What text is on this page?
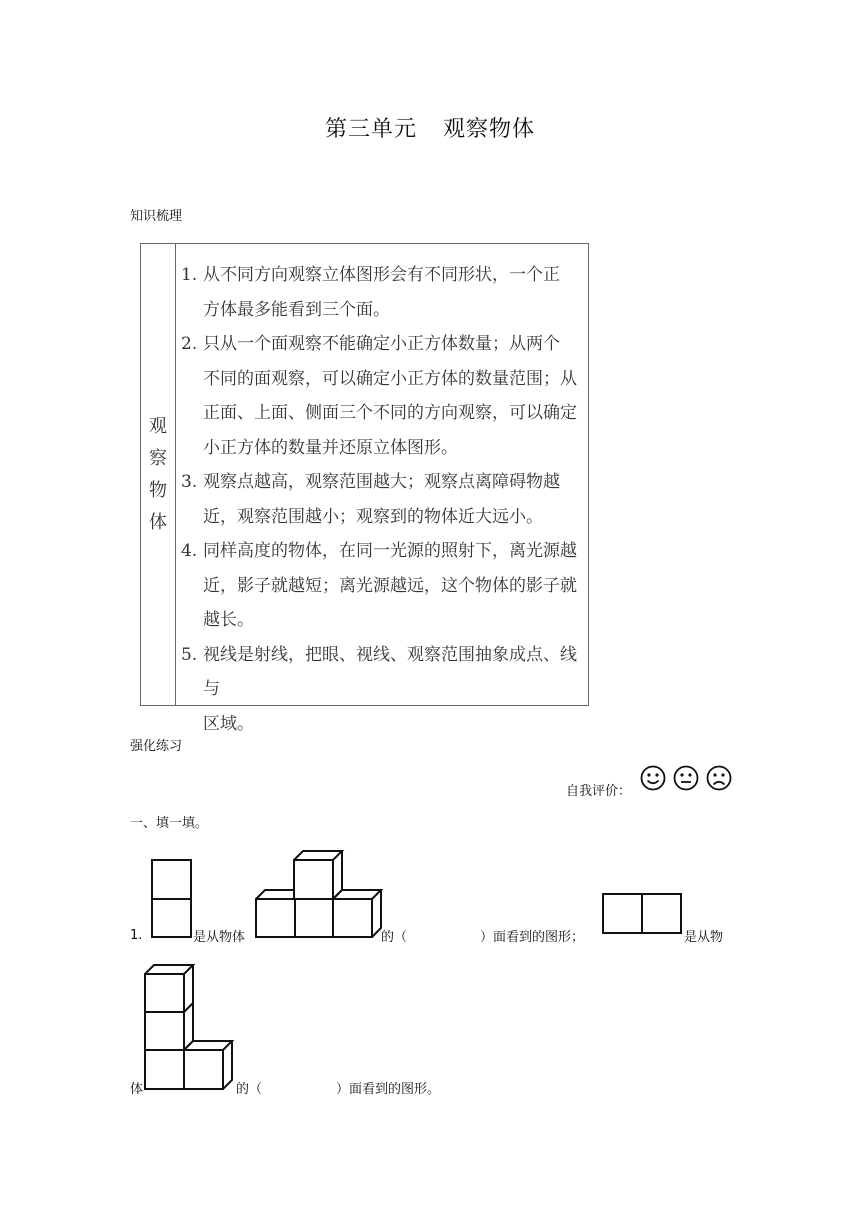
第三单元 观察物体
知识梳理
观
察
物
体
1. 从不同方向观察立体图形会有不同形状，一个正
方体最多能看到三个面。
2. 只从一个面观察不能确定小正方体数量；从两个
不同的面观察，可以确定小正方体的数量范围；从
正面、上面、侧面三个不同的方向观察，可以确定
小正方体的数量并还原立体图形。
3. 观察点越高，观察范围越大；观察点离障碍物越
近，观察范围越小；观察到的物体近大远小。
4. 同样高度的物体，在同一光源的照射下，离光源越
近，影子就越短；离光源越远，这个物体的影子就
越长。
5. 视线是射线，把眼、视线、观察范围抽象成点、线与
区域。
强化练习
自我评价：
一、填一填。
1.	是从物体	的（	）面看到的图形；	是从物
体	的（	）面看到的图形。
